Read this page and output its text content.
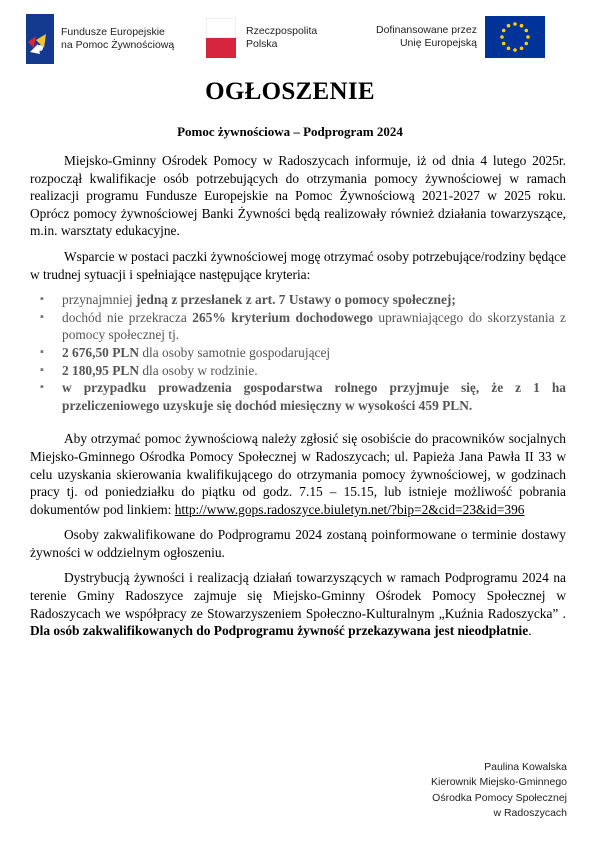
Fundusze Europejskie
na Pomoc Żywnościową
Rzeczpospolita
Polska
Dofinansowane przez
Unię Europejską
OGŁOSZENIE
Pomoc żywnościowa – Podprogram 2024

Miejsko-Gminny Ośrodek Pomocy w Radoszycach informuje, iż od dnia 4 lutego 2025r. rozpoczął kwalifikacje osób potrzebujących do otrzymania pomocy żywnościowej w ramach realizacji programu Fundusze Europejskie na Pomoc Żywnościową 2021-2027 w 2025 roku. Oprócz pomocy żywnościowej Banki Żywności będą realizowały również działania towarzyszące, m.in. warsztaty edukacyjne.

Wsparcie w postaci paczki żywnościowej mogę otrzymać osoby potrzebujące/rodziny będące w trudnej sytuacji i spełniające następujące kryteria:

▪ przynajmniej jedną z przesłanek z art. 7 Ustawy o pomocy społecznej;
▪ dochód nie przekracza 265% kryterium dochodowego uprawniającego do skorzystania z pomocy społecznej tj.
▪ 2 676,50 PLN dla osoby samotnie gospodarującej
▪ 2 180,95 PLN dla osoby w rodzinie.
▪ w przypadku prowadzenia gospodarstwa rolnego przyjmuje się, że z 1 ha przeliczeniowego uzyskuje się dochód miesięczny w wysokości 459 PLN.

Aby otrzymać pomoc żywnościową należy zgłosić się osobiście do pracowników socjalnych Miejsko-Gminnego Ośrodka Pomocy Społecznej w Radoszycach; ul. Papieża Jana Pawła II 33 w celu uzyskania skierowania kwalifikującego do otrzymania pomocy żywnościowej, w godzinach pracy tj. od poniedziałku do piątku od godz. 7.15 – 15.15, lub istnieje możliwość pobrania dokumentów pod linkiem: http://www.gops.radoszyce.biuletyn.net/?bip=2&cid=23&id=396

Osoby zakwalifikowane do Podprogramu 2024 zostaną poinformowane o terminie dostawy żywności w oddzielnym ogłoszeniu.

Dystrybucją żywności i realizacją działań towarzyszących w ramach Podprogramu 2024 na terenie Gminy Radoszyce zajmuje się Miejsko-Gminny Ośrodek Pomocy Społecznej w Radoszycach we współpracy ze Stowarzyszeniem Społeczno-Kulturalnym „Kuźnia Radoszycka” . Dla osób zakwalifikowanych do Podprogramu żywność przekazywana jest nieodpłatnie.

Paulina Kowalska
Kierownik Miejsko-Gminnego
Ośrodka Pomocy Społecznej
w Radoszycach
